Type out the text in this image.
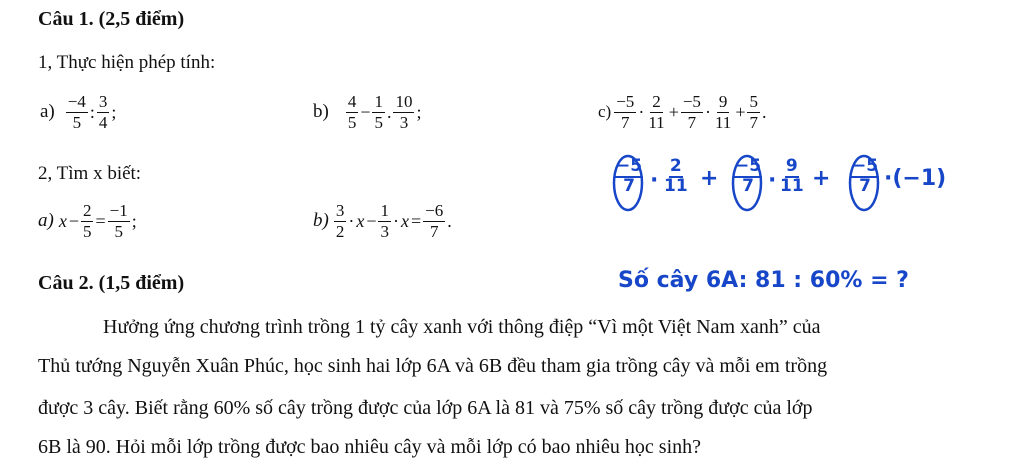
Câu 1. (2,5 điểm)
1, Thực hiện phép tính:
$a) \frac{-4}{5}$ : $\frac{3}{4}$ ;	$b) \frac{4}{5} - \frac{1}{5}$ . $\frac{10}{3}$ ;	$c) \frac{-5}{7} \cdot \frac{2}{11} + \frac{-5}{7} \cdot \frac{9}{11} + \frac{5}{7}$ .
2, Tìm x biết:
a) $x - \frac{2}{5} = \frac{-1}{5}$ ;	$b) \frac{3}{2} \cdot x - \frac{1}{3} \cdot x = \frac{-6}{7}$ .
$\frac{-5}{7} \cdot \frac{2}{11} + \frac{-5}{7} \cdot \frac{9}{11} + \frac{-5}{7} \cdot(-1)$
Câu 2. (1,5 điểm)	Số cây 6A: 81 : 60% = ?
Hưởng ứng chương trình trồng 1 tỷ cây xanh với thông điệp “Vì một Việt Nam xanh” của
Thủ tướng Nguyễn Xuân Phúc, học sinh hai lớp 6A và 6B đều tham gia trồng cây và mỗi em trồng
được 3 cây. Biết rằng 60% số cây trồng được của lớp 6A là 81 và 75% số cây trồng được của lớp
6B là 90. Hỏi mỗi lớp trồng được bao nhiêu cây và mỗi lớp có bao nhiêu học sinh?
